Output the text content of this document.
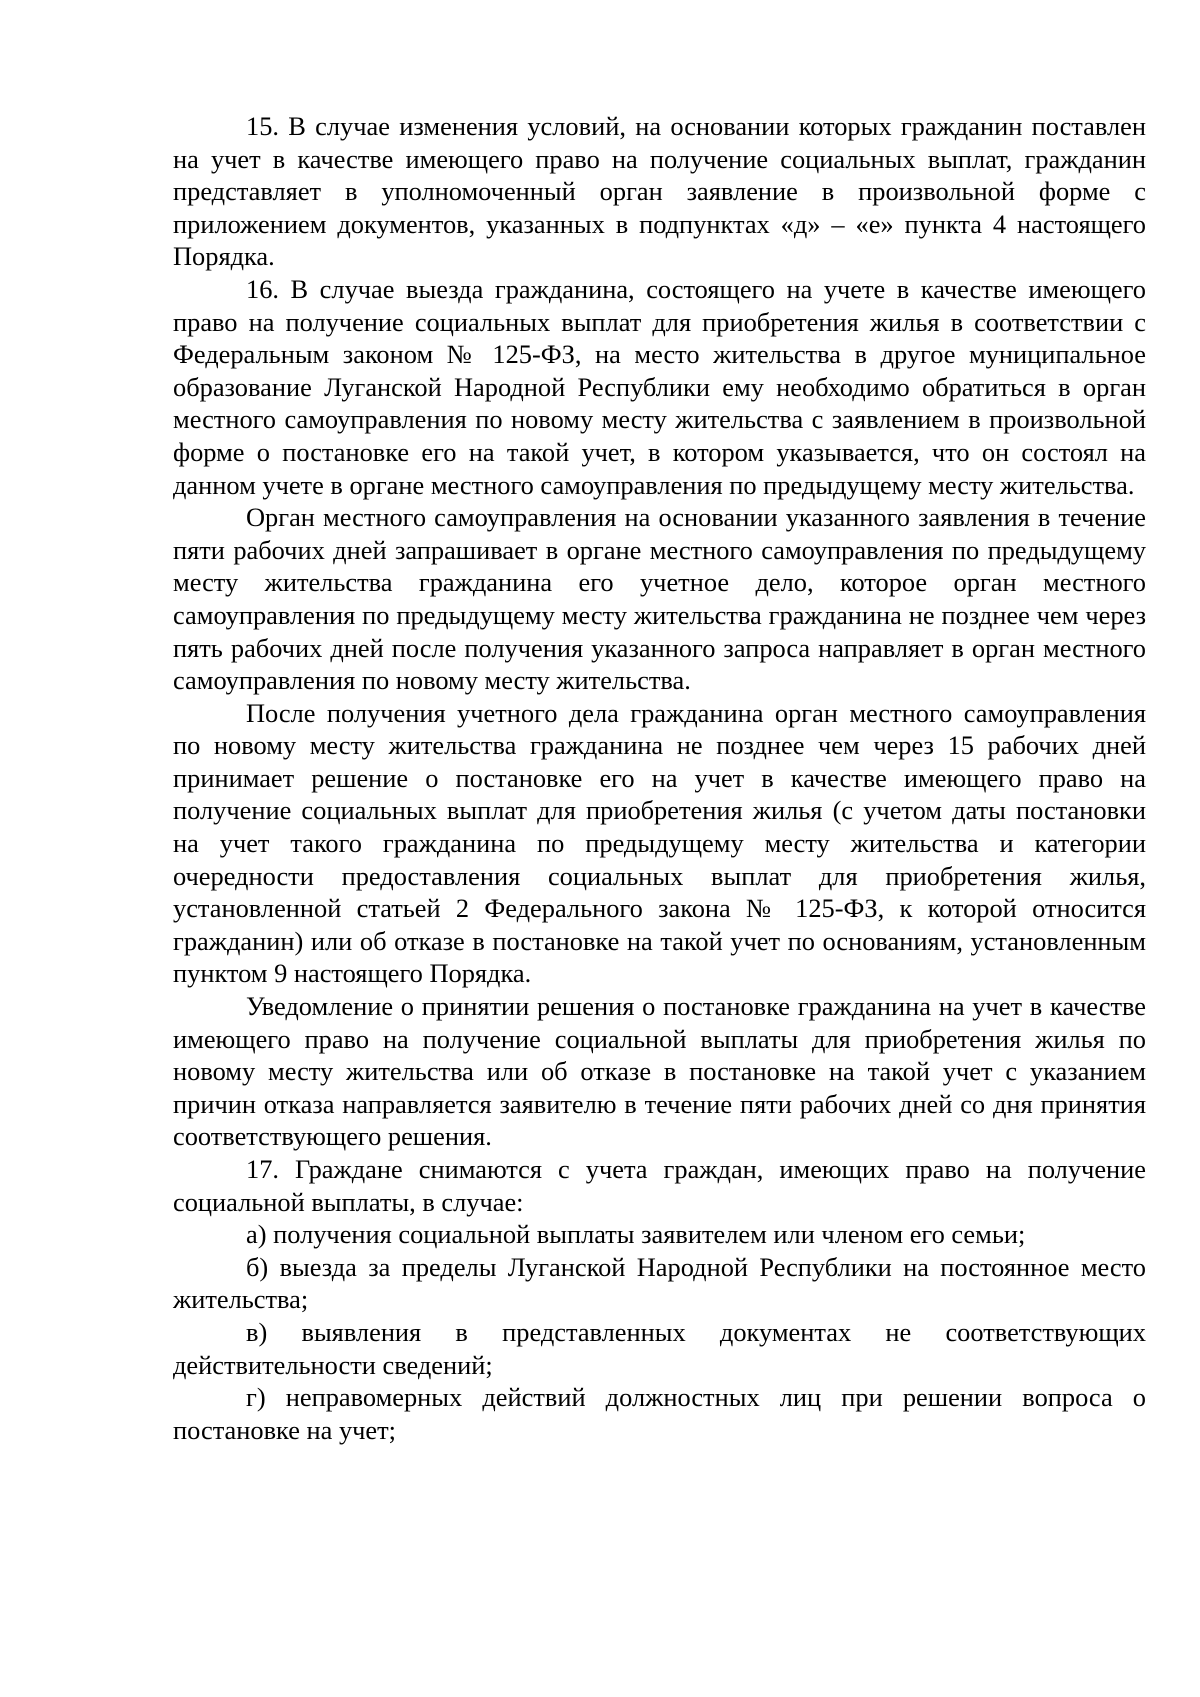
15. В случае изменения условий, на основании которых гражданин поставлен на учет в качестве имеющего право на получение социальных выплат, гражданин представляет в уполномоченный орган заявление в произвольной форме с приложением документов, указанных в подпунктах «д» – «е» пункта 4 настоящего Порядка.

16. В случае выезда гражданина, состоящего на учете в качестве имеющего право на получение социальных выплат для приобретения жилья в соответствии с Федеральным законом № 125-ФЗ, на место жительства в другое муниципальное образование Луганской Народной Республики ему необходимо обратиться в орган местного самоуправления по новому месту жительства с заявлением в произвольной форме о постановке его на такой учет, в котором указывается, что он состоял на данном учете в органе местного самоуправления по предыдущему месту жительства.

Орган местного самоуправления на основании указанного заявления в течение пяти рабочих дней запрашивает в органе местного самоуправления по предыдущему месту жительства гражданина его учетное дело, которое орган местного самоуправления по предыдущему месту жительства гражданина не позднее чем через пять рабочих дней после получения указанного запроса направляет в орган местного самоуправления по новому месту жительства.

После получения учетного дела гражданина орган местного самоуправления по новому месту жительства гражданина не позднее чем через 15 рабочих дней принимает решение о постановке его на учет в качестве имеющего право на получение социальных выплат для приобретения жилья (с учетом даты постановки на учет такого гражданина по предыдущему месту жительства и категории очередности предоставления социальных выплат для приобретения жилья, установленной статьей 2 Федерального закона № 125-ФЗ, к которой относится гражданин) или об отказе в постановке на такой учет по основаниям, установленным пунктом 9 настоящего Порядка.

Уведомление о принятии решения о постановке гражданина на учет в качестве имеющего право на получение социальной выплаты для приобретения жилья по новому месту жительства или об отказе в постановке на такой учет с указанием причин отказа направляется заявителю в течение пяти рабочих дней со дня принятия соответствующего решения.

17. Граждане снимаются с учета граждан, имеющих право на получение социальной выплаты, в случае:

а) получения социальной выплаты заявителем или членом его семьи;

б) выезда за пределы Луганской Народной Республики на постоянное место жительства;

в) выявления в представленных документах не соответствующих действительности сведений;

г) неправомерных действий должностных лиц при решении вопроса о постановке на учет;
